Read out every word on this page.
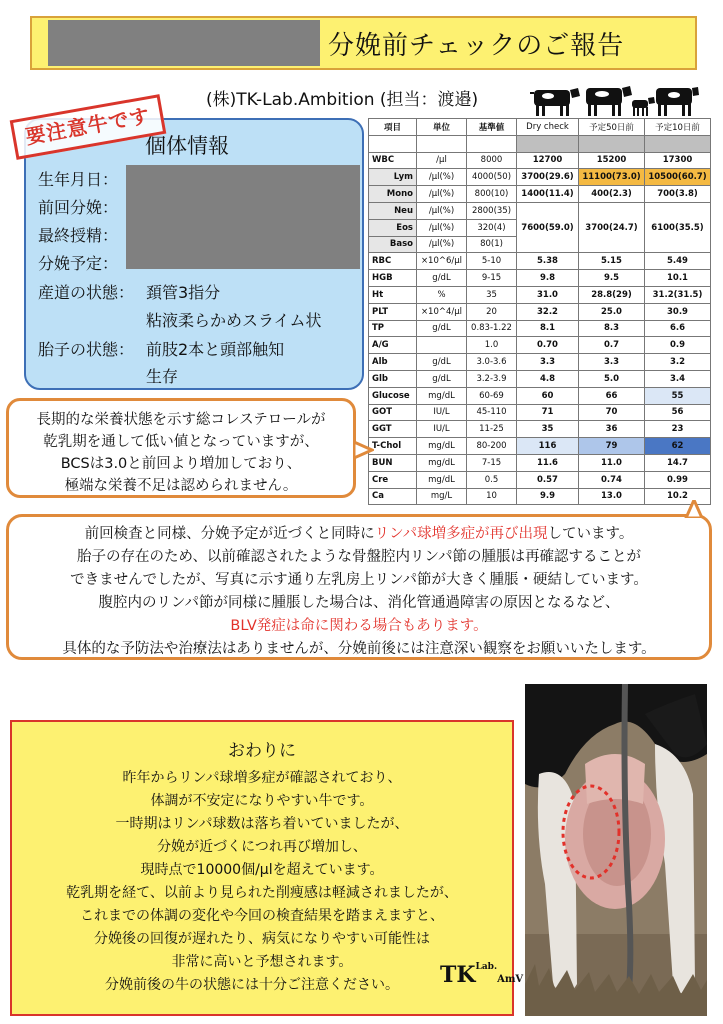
分娩前チェックのご報告
(株)TK-Lab.Ambition (担当：渡邉)
個体情報
生年月日：
前回分娩：
最終授精：
分娩予定：
産道の状態： 頚管3指分
粘液柔らかめスライム状
胎子の状態： 前肢2本と頭部触知
生存
要注意牛です	項目	単位	基準値	Dry check	予定50日前	予定10日前

WBC	/μl	8000	12700	15200	17300
Lym	/μl(%)	4000(50)	3700(29.6)	11100(73.0)	10500(60.7)
Mono	/μl(%)	800(10)	1400(11.4)	400(2.3)	700(3.8)
Neu	/μl(%)	2800(35)	7600(59.0)	3700(24.7)	6100(35.5)
Eos	/μl(%)	320(4)			
Baso	/μl(%)	80(1)			
RBC	×10^6/μl	5-10	5.38	5.15	5.49
HGB	g/dL	9-15	9.8	9.5	10.1
Ht	%	35	31.0	28.8(29)	31.2(31.5)
PLT	×10^4/μl	20	32.2	25.0	30.9
TP	g/dL	0.83-1.22	8.1	8.3	6.6
A/G		1.0	0.70	0.7	0.9
Alb	g/dL	3.0-3.6	3.3	3.3	3.2
Glb	g/dL	3.2-3.9	4.8	5.0	3.4
Glucose	mg/dL	60-69	60	66	55
GOT	IU/L	45-110	71	70	56
GGT	IU/L	11-25	35	36	23
T-Chol	mg/dL	80-200	116	79	62
BUN	mg/dL	7-15	11.6	11.0	14.7
Cre	mg/dL	0.5	0.57	0.74	0.99
Ca	mg/L	10	9.9	13.0	10.2
長期的な栄養状態を示す総コレステロールが
乾乳期を通して低い値となっていますが、
BCSは3.0と前回より増加しており、
極端な栄養不足は認められません。
前回検査と同様、分娩予定が近づくと同時にリンパ球増多症が再び出現しています。
胎子の存在のため、以前確認されたような骨盤腔内リンパ節の腫脹は再確認することが
できませんでしたが、写真に示す通り左乳房上リンパ節が大きく腫脹・硬結しています。
腹腔内のリンパ節が同様に腫脹した場合は、消化管通過障害の原因となるなど、
BLV発症は命に関わる場合もあります。
具体的な予防法や治療法はありませんが、分娩前後には注意深い観察をお願いいたします。
おわりに
昨年からリンパ球増多症が確認されており、
体調が不安定になりやすい牛です。
一時期はリンパ球数は落ち着いていましたが、
分娩が近づくにつれ再び増加し、
現時点で10000個/μlを超えています。
乾乳期を経て、以前より見られた削痩感は軽減されましたが、
これまでの体調の変化や今回の検査結果を踏まえますと、
分娩後の回復が遅れたり、病気になりやすい可能性は
非常に高いと予想されます。
分娩前後の牛の状態には十分ご注意ください。	$TK^{Lab.}AmV$
